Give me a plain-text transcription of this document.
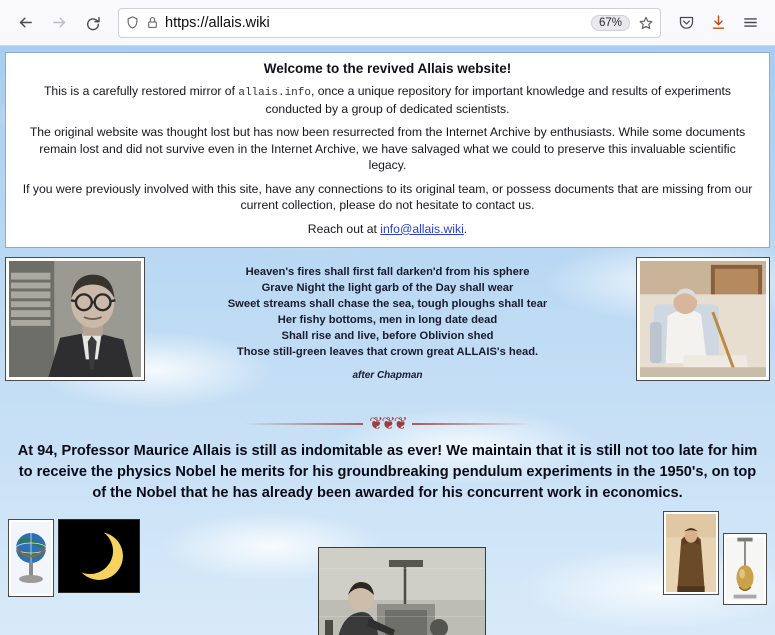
https://allais.wiki	67%
Welcome to the revived Allais website!

This is a carefully restored mirror of allais.info, once a unique repository for important knowledge and results of experiments conducted by a group of dedicated scientists.

The original website was thought lost but has now been resurrected from the Internet Archive by enthusiasts. While some documents remain lost and did not survive even in the Internet Archive, we have salvaged what we could to preserve this invaluable scientific legacy.

If you were previously involved with this site, have any connections to its original team, or possess documents that are missing from our current collection, please do not hesitate to contact us.

Reach out at info@allais.wiki.

Heaven's fires shall first fall darken'd from his sphere
Grave Night the light garb of the Day shall wear
Sweet streams shall chase the sea, tough ploughs shall tear
Her fishy bottoms, men in long date dead
Shall rise and live, before Oblivion shed
Those still-green leaves that crown great ALLAIS's head.
after Chapman
❦❦❦
At 94, Professor Maurice Allais is still as indomitable as ever! We maintain that it is still not too late for him to receive the physics Nobel he merits for his groundbreaking pendulum experiments in the 1950's, on top of the Nobel that he has already been awarded for his concurrent work in economics.
